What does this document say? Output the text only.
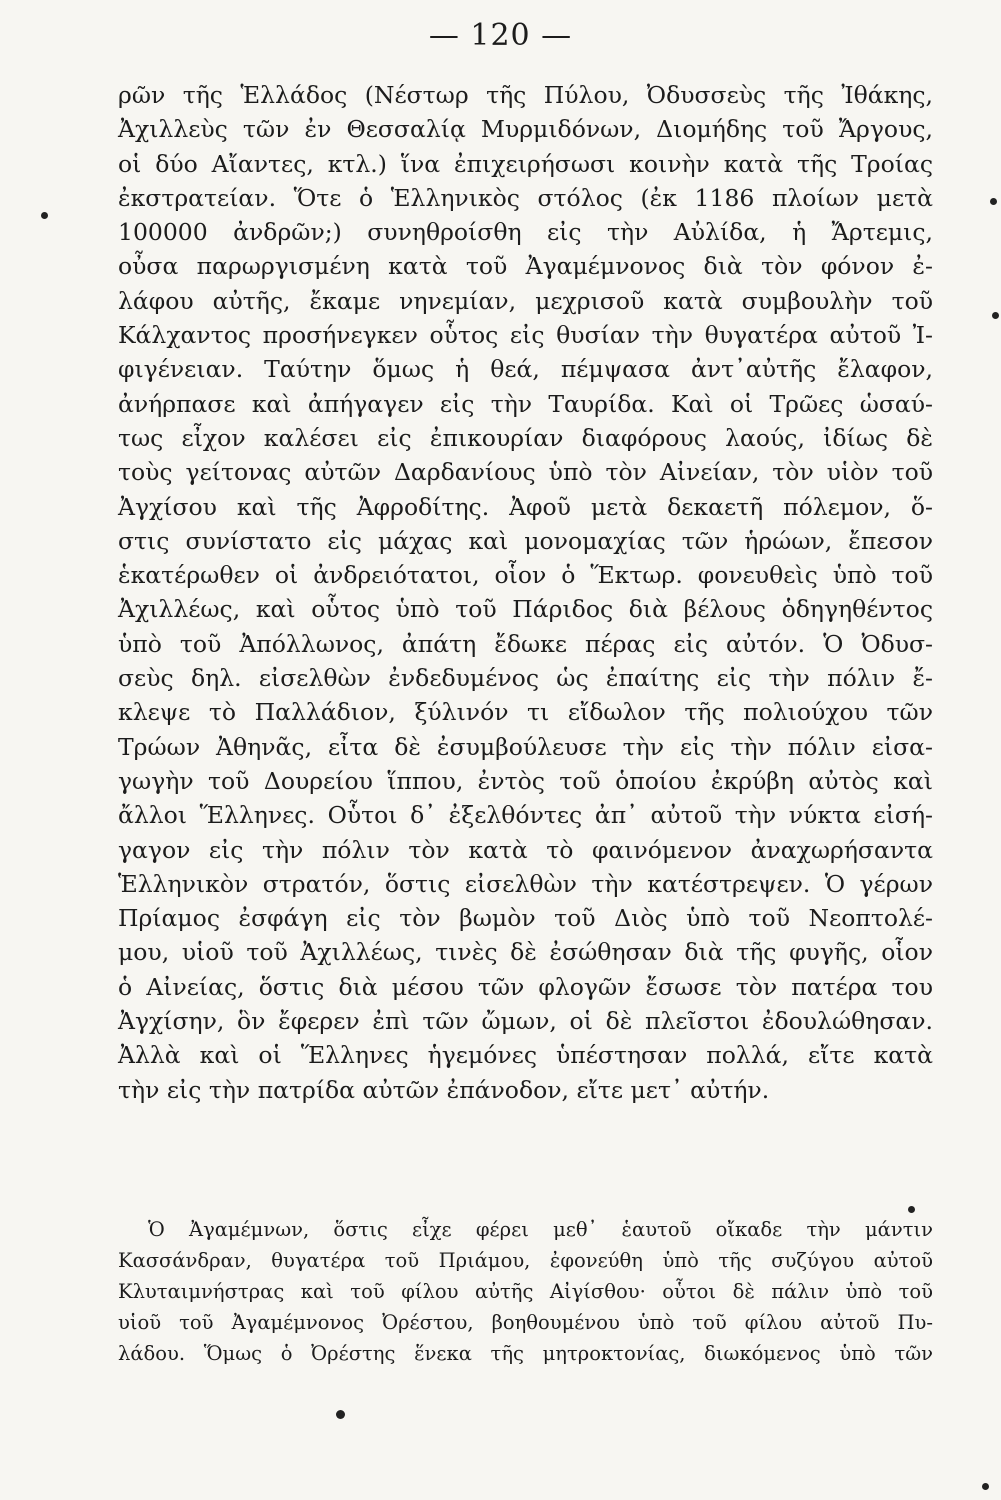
— 120 —
ρῶν τῆς Ἑλλάδος (Νέστωρ τῆς Πύλου, Ὀδυσσεὺς τῆς Ἰθάκης,
Ἀχιλλεὺς τῶν ἐν Θεσσαλίᾳ Μυρμιδόνων, Διομήδης τοῦ Ἄργους,
οἱ δύο Αἴαντες, κτλ.) ἵνα ἐπιχειρήσωσι κοινὴν κατὰ τῆς Τροίας
ἐκστρατείαν. Ὅτε ὁ Ἑλληνικὸς στόλος (ἐκ 1186 πλοίων μετὰ
100000 ἀνδρῶν;) συνηθροίσθη εἰς τὴν Αὐλίδα, ἡ Ἄρτεμις,
οὖσα παρωργισμένη κατὰ τοῦ Ἀγαμέμνονος διὰ τὸν φόνον ἐ-
λάφου αὐτῆς, ἔκαμε νηνεμίαν, μεχρισοῦ κατὰ συμβουλὴν τοῦ
Κάλχαντος προσήνεγκεν οὗτος εἰς θυσίαν τὴν θυγατέρα αὐτοῦ Ἰ-
φιγένειαν. Ταύτην ὅμως ἡ θεά, πέμψασα ἀντ᾽αὐτῆς ἔλαφον,
ἀνήρπασε καὶ ἀπήγαγεν εἰς τὴν Ταυρίδα. Καὶ οἱ Τρῶες ὡσαύ-
τως εἶχον καλέσει εἰς ἐπικουρίαν διαφόρους λαούς, ἰδίως δὲ
τοὺς γείτονας αὐτῶν Δαρδανίους ὑπὸ τὸν Αἰνείαν, τὸν υἱὸν τοῦ
Ἀγχίσου καὶ τῆς Ἀφροδίτης. Ἀφοῦ μετὰ δεκαετῆ πόλεμον, ὅ-
στις συνίστατο εἰς μάχας καὶ μονομαχίας τῶν ἡρώων, ἔπεσον
ἑκατέρωθεν οἱ ἀνδρειότατοι, οἷον ὁ Ἕκτωρ. φονευθεὶς ὑπὸ τοῦ
Ἀχιλλέως, καὶ οὗτος ὑπὸ τοῦ Πάριδος διὰ βέλους ὁδηγηθέντος
ὑπὸ τοῦ Ἀπόλλωνος, ἀπάτη ἔδωκε πέρας εἰς αὐτόν. Ὁ Ὀδυσ-
σεὺς δηλ. εἰσελθὼν ἐνδεδυμένος ὡς ἐπαίτης εἰς τὴν πόλιν ἔ-
κλεψε τὸ Παλλάδιον, ξύλινόν τι εἴδωλον τῆς πολιούχου τῶν
Τρώων Ἀθηνᾶς, εἶτα δὲ ἐσυμβούλευσε τὴν εἰς τὴν πόλιν εἰσα-
γωγὴν τοῦ Δουρείου ἵππου, ἐντὸς τοῦ ὁποίου ἐκρύβη αὐτὸς καὶ
ἄλλοι Ἕλληνες. Οὗτοι δ᾽ ἐξελθόντες ἀπ᾽ αὐτοῦ τὴν νύκτα εἰσή-
γαγον εἰς τὴν πόλιν τὸν κατὰ τὸ φαινόμενον ἀναχωρήσαντα
Ἑλληνικὸν στρατόν, ὅστις εἰσελθὼν τὴν κατέστρεψεν. Ὁ γέρων
Πρίαμος ἐσφάγη εἰς τὸν βωμὸν τοῦ Διὸς ὑπὸ τοῦ Νεοπτολέ-
μου, υἱοῦ τοῦ Ἀχιλλέως, τινὲς δὲ ἐσώθησαν διὰ τῆς φυγῆς, οἷον
ὁ Αἰνείας, ὅστις διὰ μέσου τῶν φλογῶν ἔσωσε τὸν πατέρα του
Ἀγχίσην, ὃν ἔφερεν ἐπὶ τῶν ὤμων, οἱ δὲ πλεῖστοι ἐδουλώθησαν.
Ἀλλὰ καὶ οἱ Ἕλληνες ἡγεμόνες ὑπέστησαν πολλά, εἴτε κατὰ
τὴν εἰς τὴν πατρίδα αὐτῶν ἐπάνοδον, εἴτε μετ᾽ αὐτήν.
Ὁ Ἀγαμέμνων, ὅστις εἶχε φέρει μεθ᾽ ἑαυτοῦ οἴκαδε τὴν μάντιν
Κασσάνδραν, θυγατέρα τοῦ Πριάμου, ἐφονεύθη ὑπὸ τῆς συζύγου αὐτοῦ
Κλυταιμνήστρας καὶ τοῦ φίλου αὐτῆς Αἰγίσθου· οὗτοι δὲ πάλιν ὑπὸ τοῦ
υἱοῦ τοῦ Ἀγαμέμνονος Ὀρέστου, βοηθουμένου ὑπὸ τοῦ φίλου αὐτοῦ Πυ-
λάδου. Ὅμως ὁ Ὀρέστης ἕνεκα τῆς μητροκτονίας, διωκόμενος ὑπὸ τῶν
